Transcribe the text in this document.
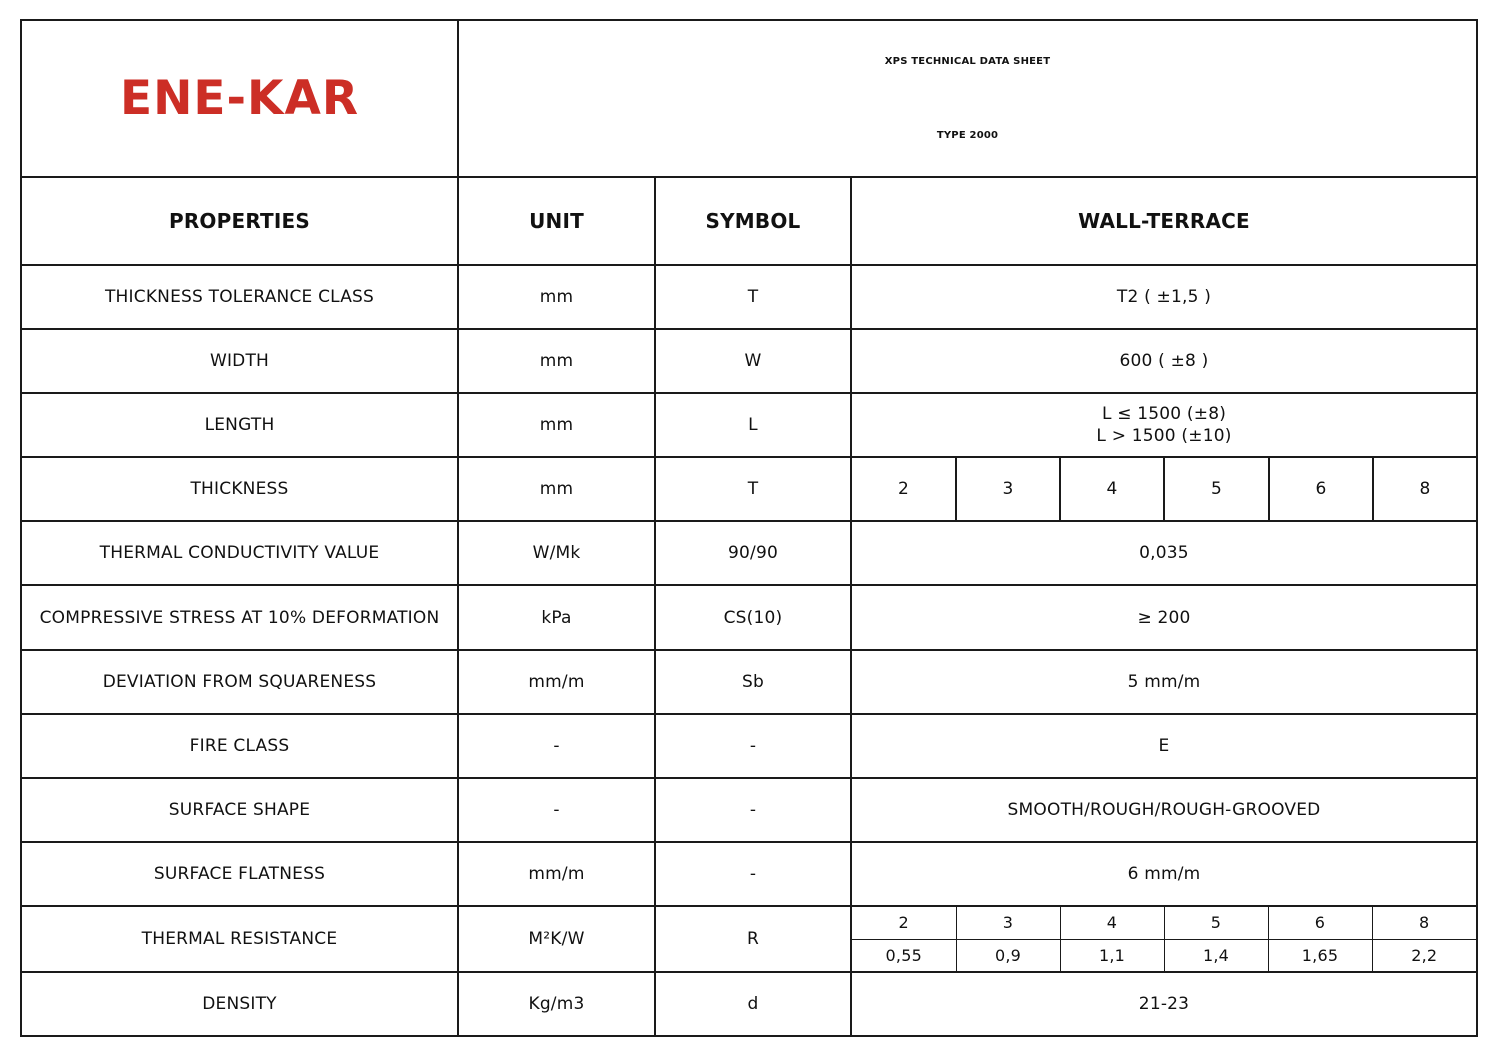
ENE-KAR	
XPS TECHNICAL DATA SHEET
TYPE 2000

PROPERTIES	UNIT	SYMBOL	WALL-TERRACE
THICKNESS TOLERANCE CLASS	mm	T	T2 ( ±1,5 )
WIDTH	mm	W	600 ( ±8 )
LENGTH	mm	L	
L ≤ 1500 (±8)
L > 1500 (±10)

THICKNESS	mm	T	2	3	4	5	6	8
THERMAL CONDUCTIVITY VALUE	W/Mk	90/90	0,035
COMPRESSIVE STRESS AT 10% DEFORMATION	kPa	CS(10)	≥ 200
DEVIATION FROM SQUARENESS	mm/m	Sb	5 mm/m
FIRE CLASS	-	-	E
SURFACE SHAPE	-	-	SMOOTH/ROUGH/ROUGH-GROOVED
SURFACE FLATNESS	mm/m	-	6 mm/m
THERMAL RESISTANCE	M²K/W	R	
2	3	4	5	6	8
0,55	0,9	1,1	1,4	1,65	2,2

DENSITY	Kg/m3	d	21-23
